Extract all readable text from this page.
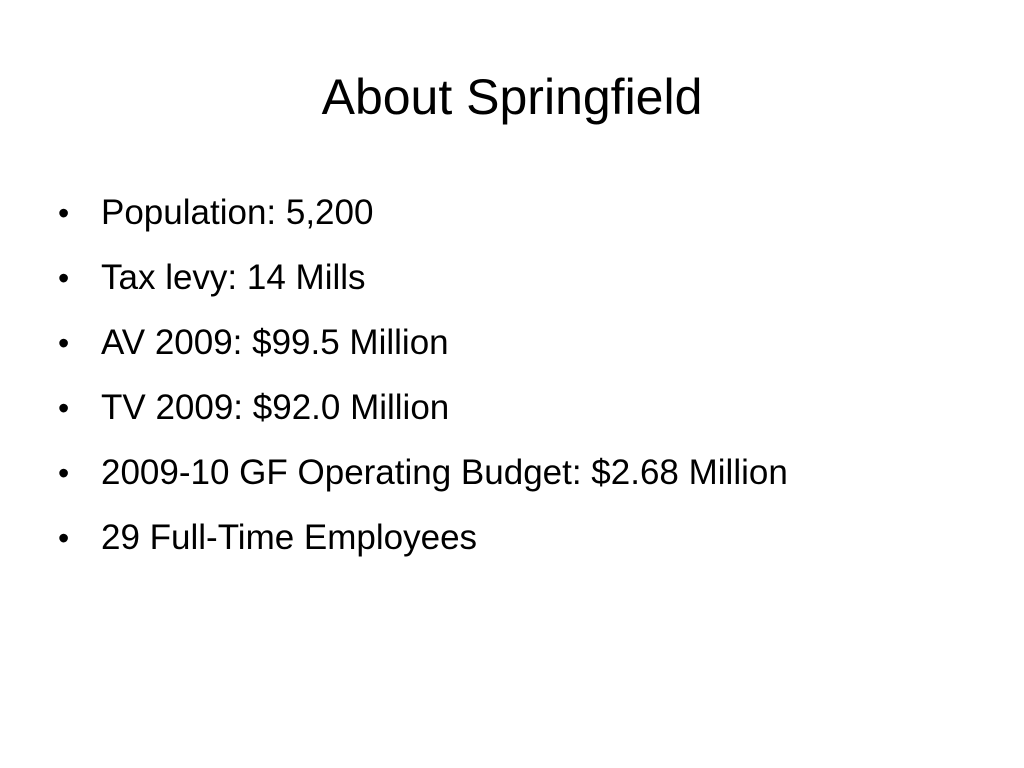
About Springfield
• Population: 5,200
• Tax levy: 14 Mills
• AV 2009: $99.5 Million
• TV 2009: $92.0 Million
• 2009-10 GF Operating Budget: $2.68 Million
• 29 Full-Time Employees
